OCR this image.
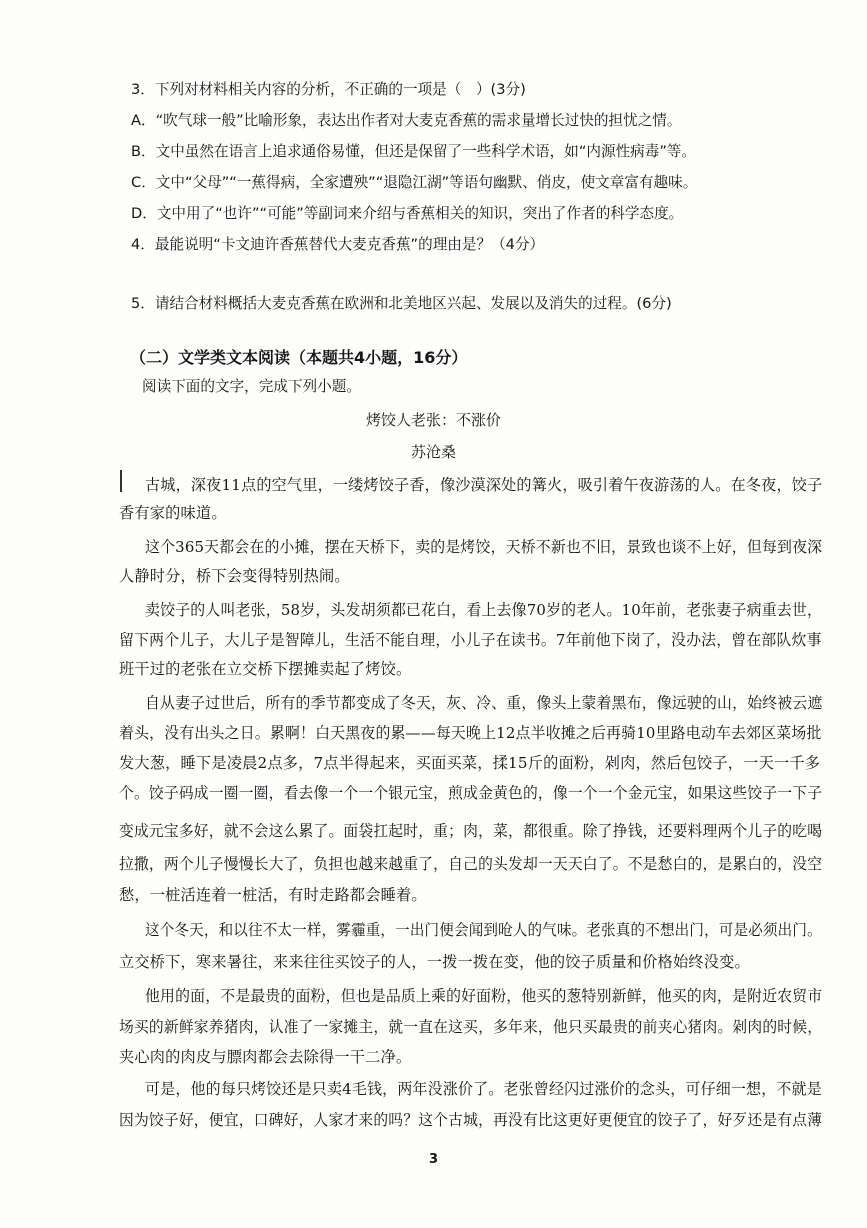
3．下列对材料相关内容的分析，不正确的一项是（　）(3分)

A．“吹气球一般”比喻形象，表达出作者对大麦克香蕉的需求量增长过快的担忧之情。

B．文中虽然在语言上追求通俗易懂，但还是保留了一些科学术语，如“内源性病毒”等。

C．文中“父母”“一蕉得病，全家遭殃”“退隐江湖”等语句幽默、俏皮，使文章富有趣味。

D．文中用了“也许”“可能”等副词来介绍与香蕉相关的知识，突出了作者的科学态度。

4．最能说明“卡文迪许香蕉替代大麦克香蕉”的理由是？（4分）

5．请结合材料概括大麦克香蕉在欧洲和北美地区兴起、发展以及消失的过程。(6分)

（二）文学类文本阅读（本题共4小题，16分）

阅读下面的文字，完成下列小题。

烤饺人老张：不涨价

苏沧桑

古城，深夜11点的空气里，一缕烤饺子香，像沙漠深处的篝火，吸引着午夜游荡的人。在冬夜，饺子

香有家的味道。

这个365天都会在的小摊，摆在天桥下，卖的是烤饺，天桥不新也不旧，景致也谈不上好，但每到夜深

人静时分，桥下会变得特别热闹。

卖饺子的人叫老张，58岁，头发胡须都已花白，看上去像70岁的老人。10年前，老张妻子病重去世，

留下两个儿子，大儿子是智障儿，生活不能自理，小儿子在读书。7年前他下岗了，没办法，曾在部队炊事

班干过的老张在立交桥下摆摊卖起了烤饺。

自从妻子过世后，所有的季节都变成了冬天，灰、冷、重，像头上蒙着黑布，像远驶的山，始终被云遮

着头，没有出头之日。累啊！白天黑夜的累——每天晚上12点半收摊之后再骑10里路电动车去郊区菜场批

发大葱，睡下是凌晨2点多，7点半得起来，买面买菜，揉15斤的面粉，剁肉，然后包饺子，一天一千多

个。饺子码成一圈一圈，看去像一个一个银元宝，煎成金黄色的，像一个一个金元宝，如果这些饺子一下子

变成元宝多好，就不会这么累了。面袋扛起时，重；肉，菜，都很重。除了挣钱，还要料理两个儿子的吃喝

拉撒，两个儿子慢慢长大了，负担也越来越重了，自己的头发却一天天白了。不是愁白的，是累白的，没空

愁，一桩活连着一桩活，有时走路都会睡着。

这个冬天，和以往不太一样，雾霾重，一出门便会闻到呛人的气味。老张真的不想出门，可是必须出门。

立交桥下，寒来暑往，来来往往买饺子的人，一拨一拨在变，他的饺子质量和价格始终没变。

他用的面，不是最贵的面粉，但也是品质上乘的好面粉，他买的葱特别新鲜，他买的肉，是附近农贸市

场买的新鲜家养猪肉，认准了一家摊主，就一直在这买，多年来，他只买最贵的前夹心猪肉。剁肉的时候，

夹心肉的肉皮与膘肉都会去除得一干二净。

可是，他的每只烤饺还是只卖4毛钱，两年没涨价了。老张曾经闪过涨价的念头，可仔细一想，不就是

因为饺子好，便宜，口碑好，人家才来的吗？这个古城，再没有比这更好更便宜的饺子了，好歹还是有点薄

3
